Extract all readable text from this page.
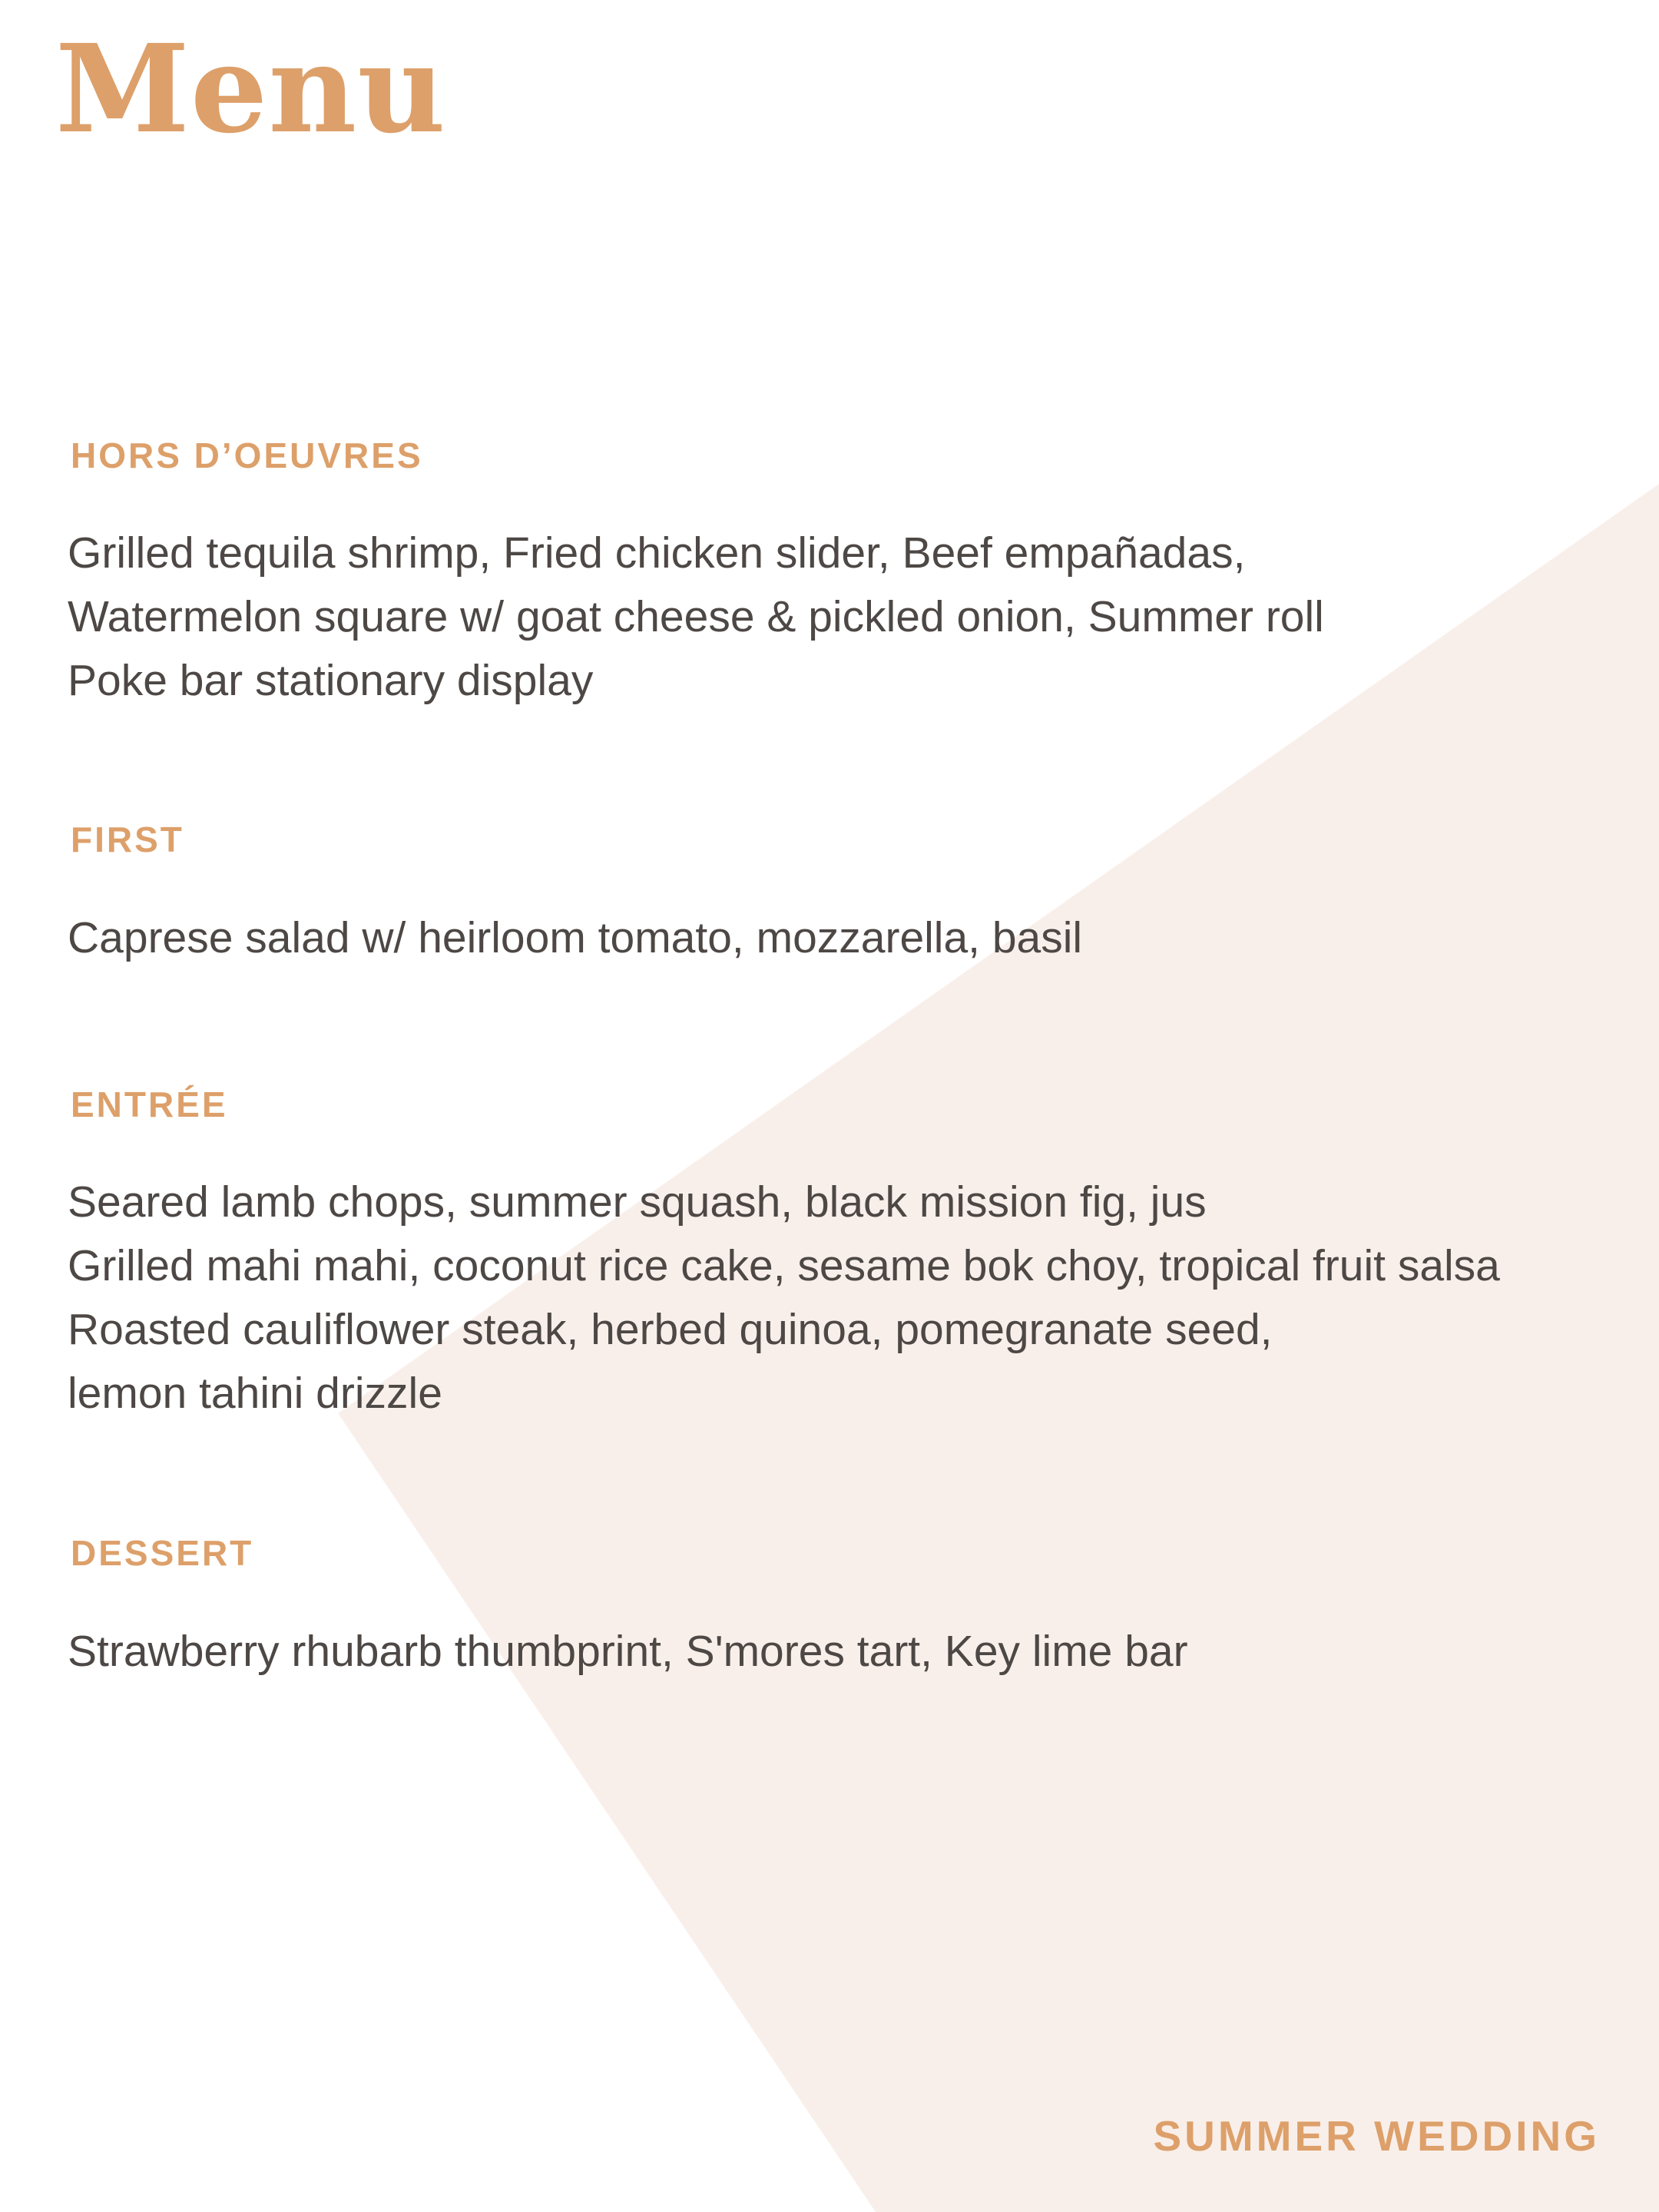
Menu
HORS D’OEUVRES
Grilled tequila shrimp, Fried chicken slider, Beef empañadas,
Watermelon square w/ goat cheese & pickled onion, Summer roll
Poke bar stationary display
FIRST
Caprese salad w/ heirloom tomato, mozzarella, basil
ENTRÉE
Seared lamb chops, summer squash, black mission fig, jus
Grilled mahi mahi, coconut rice cake, sesame bok choy, tropical fruit salsa
Roasted cauliflower steak, herbed quinoa, pomegranate seed,
lemon tahini drizzle
DESSERT
Strawberry rhubarb thumbprint, S'mores tart, Key lime bar
SUMMER WEDDING
